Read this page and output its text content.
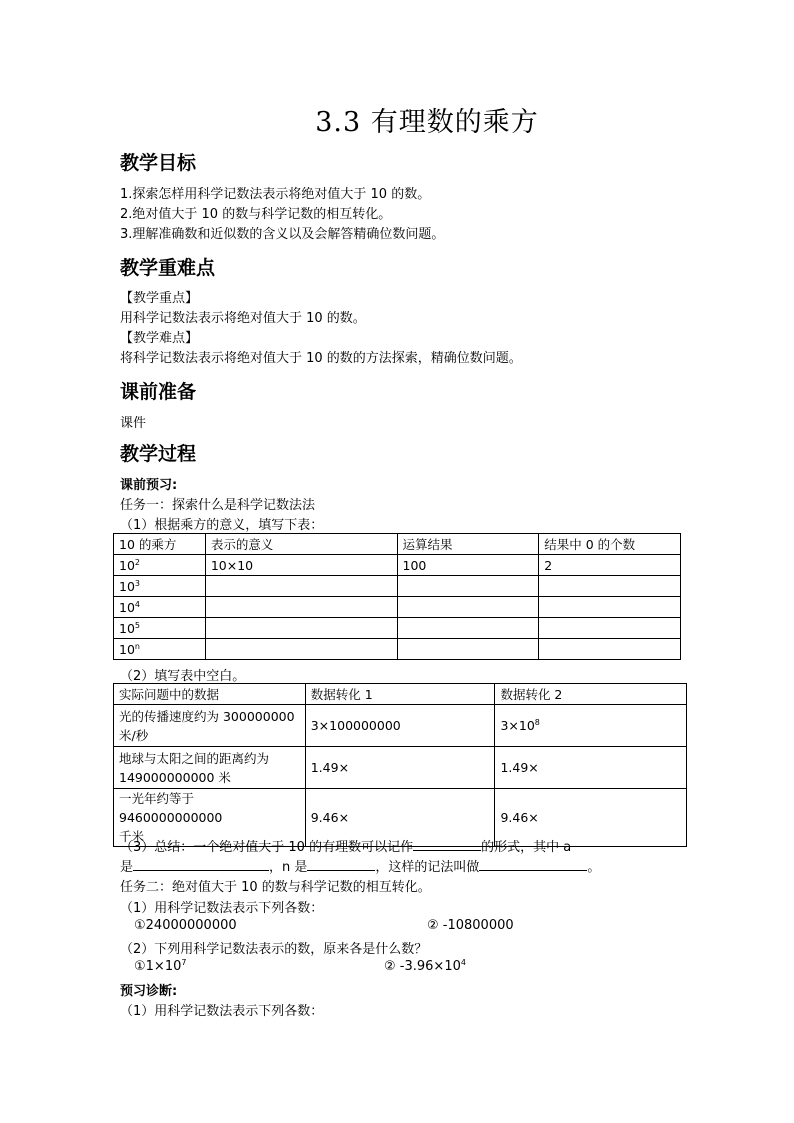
3.3 有理数的乘方
教学目标
1.探索怎样用科学记数法表示将绝对值大于 10 的数。
2.绝对值大于 10 的数与科学记数的相互转化。
3.理解准确数和近似数的含义以及会解答精确位数问题。
教学重难点
【教学重点】
用科学记数法表示将绝对值大于 10 的数。
【教学难点】
将科学记数法表示将绝对值大于 10 的数的方法探索，精确位数问题。
课前准备
课件
教学过程
课前预习:
任务一：探索什么是科学记数法法
（1）根据乘方的意义，填写下表：
10 的乘方	表示的意义	运算结果	结果中 0 的个数
$10^2$	10×10	100	2
$10^3$			
$10^4$			
$10^5$			
10$^n$			
（2）填写表中空白。
实际问题中的数据	数据转化 1	数据转化 2
光的传播速度约为 300000000
米/秒	3×100000000	$3\times 10^8$
地球与太阳之间的距离约为
149000000000 米	1.49×	1.49×
一光年约等于 9460000000000
千米	9.46×	9.46×
（3）总结：一个绝对值大于 10 的有理数可以记作	的形式，其中 a
是	，n 是	，这样的记法叫做	。
任务二：绝对值大于 10 的数与科学记数的相互转化。
（1）用科学记数法表示下列各数：
①24000000000	② -10800000
（2）下列用科学记数法表示的数，原来各是什么数？
$①1\times 10^7$	② $-3.96\times 10^4$
预习诊断:
（1）用科学记数法表示下列各数：
